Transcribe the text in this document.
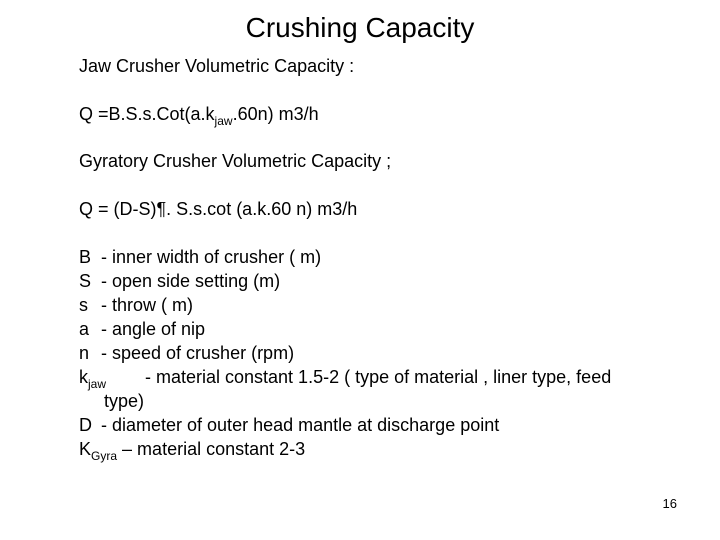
Crushing Capacity
Jaw Crusher Volumetric Capacity :
$Q =B.S.s.Cot(a.k_{jaw}.60n)$ m3/h
Gyratory Crusher Volumetric Capacity ;
Q = (D-S)¶. S.s.cot (a.k.60 n) m3/h
B - inner width of crusher ( m)
S - open side setting (m)
s - throw ( m)
a - angle of nip
n - speed of crusher (rpm)
kjaw - material constant 1.5-2 ( type of material , liner type, feed
type)
D - diameter of outer head mantle at discharge point
$K_{Gyra}$ – material constant 2-3
16
